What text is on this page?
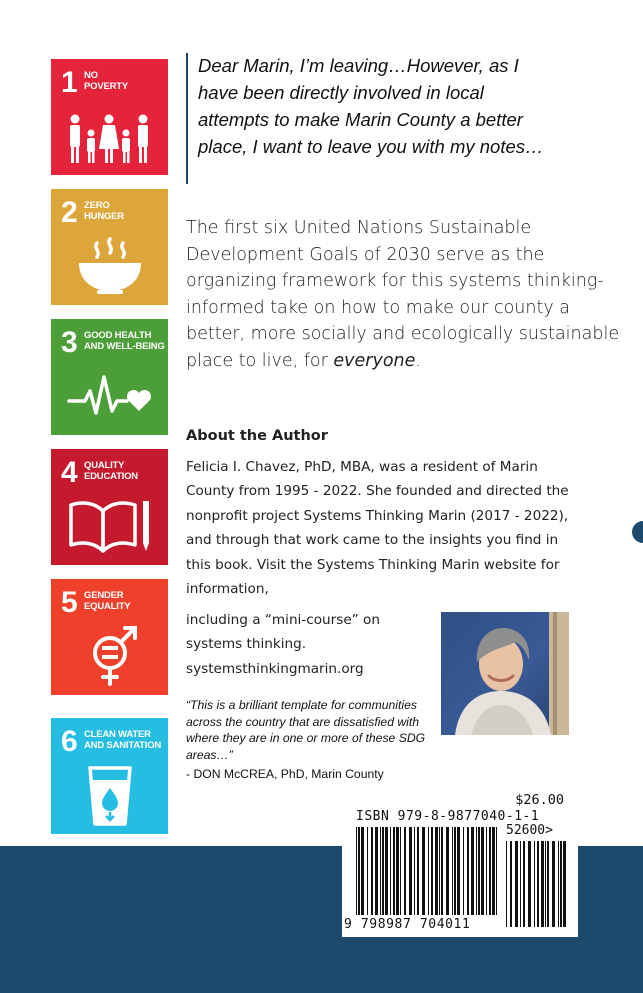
1 NO
POVERTY
2 ZERO
HUNGER
3 GOOD HEALTH
AND WELL-BEING
4 QUALITY
EDUCATION
5 GENDER
EQUALITY
6 CLEAN WATER
AND SANITATION

Dear Marin, I’m leaving…However, as I have been directly involved in local attempts to make Marin County a better place, I want to leave you with my notes…

The first six United Nations Sustainable Development Goals of 2030 serve as the organizing framework for this systems thinking-informed take on how to make our county a better, more socially and ecologically sustainable place to live, for everyone.

About the Author

Felicia I. Chavez, PhD, MBA, was a resident of Marin County from 1995 - 2022. She founded and directed the nonprofit project Systems Thinking Marin (2017 - 2022), and through that work came to the insights you find in this book. Visit the Systems Thinking Marin website for information,

including a “mini-course” on systems thinking.
systemsthinkingmarin.org

“This is a brilliant template for communities across the country that are dissatisfied with where they are in one or more of these SDG areas…”

- DON McCREA, PhD, Marin County

$26.00
ISBN 979-8-9877040-1-1
52600>
9 798987 704011
